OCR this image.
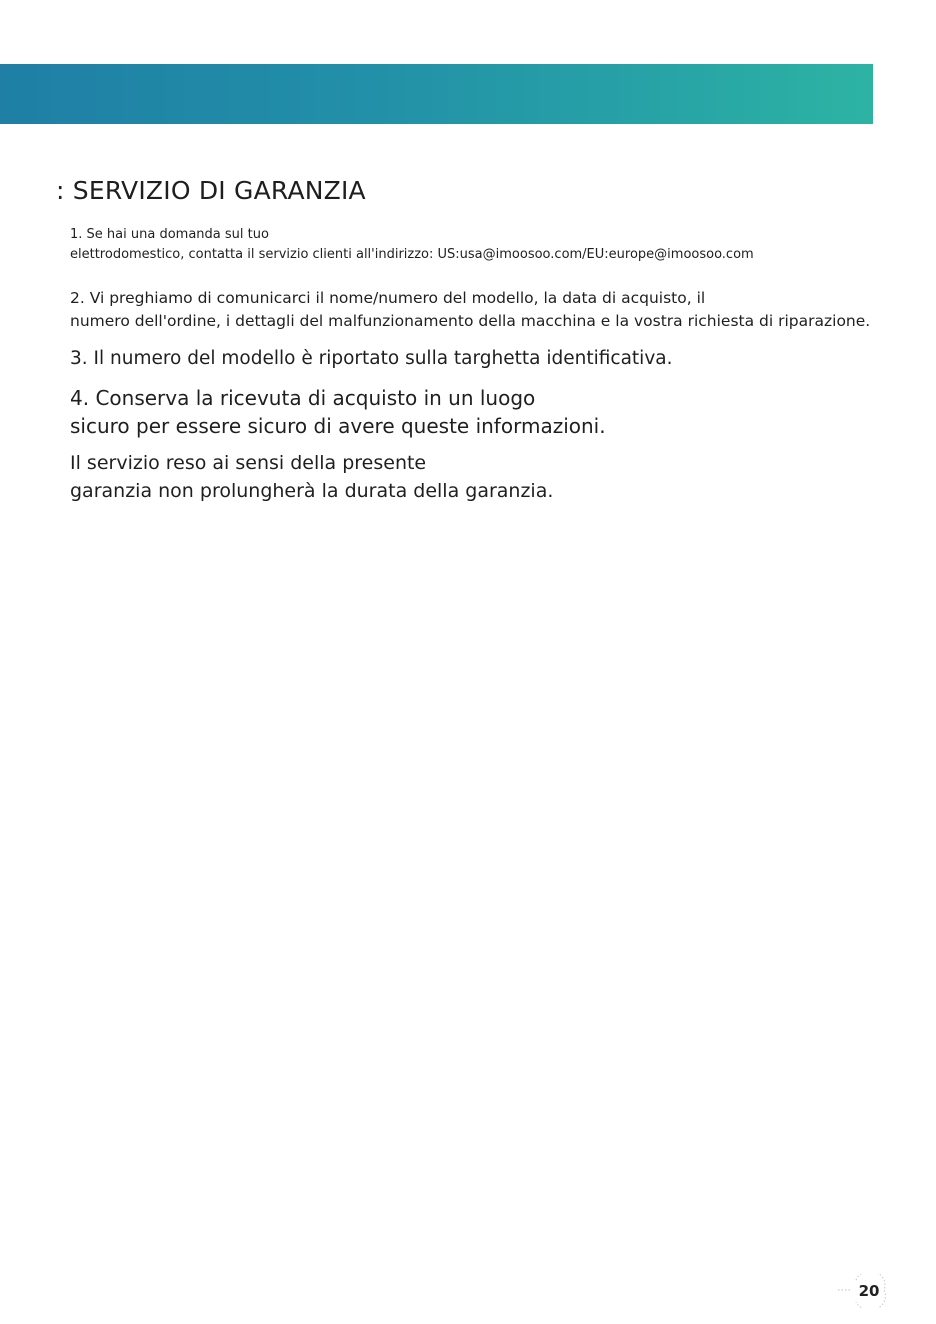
: SERVIZIO DI GARANZIA

1. Se hai una domanda sul tuo
elettrodomestico, contatta il servizio clienti all'indirizzo: US:usa@imoosoo.com/EU:europe@imoosoo.com

2. Vi preghiamo di comunicarci il nome/numero del modello, la data di acquisto, il
numero dell'ordine, i dettagli del malfunzionamento della macchina e la vostra richiesta di riparazione.

3. Il numero del modello è riportato sulla targhetta identificativa.

4. Conserva la ricevuta di acquisto in un luogo
sicuro per essere sicuro di avere queste informazioni.

Il servizio reso ai sensi della presente
garanzia non prolungherà la durata della garanzia.

20
